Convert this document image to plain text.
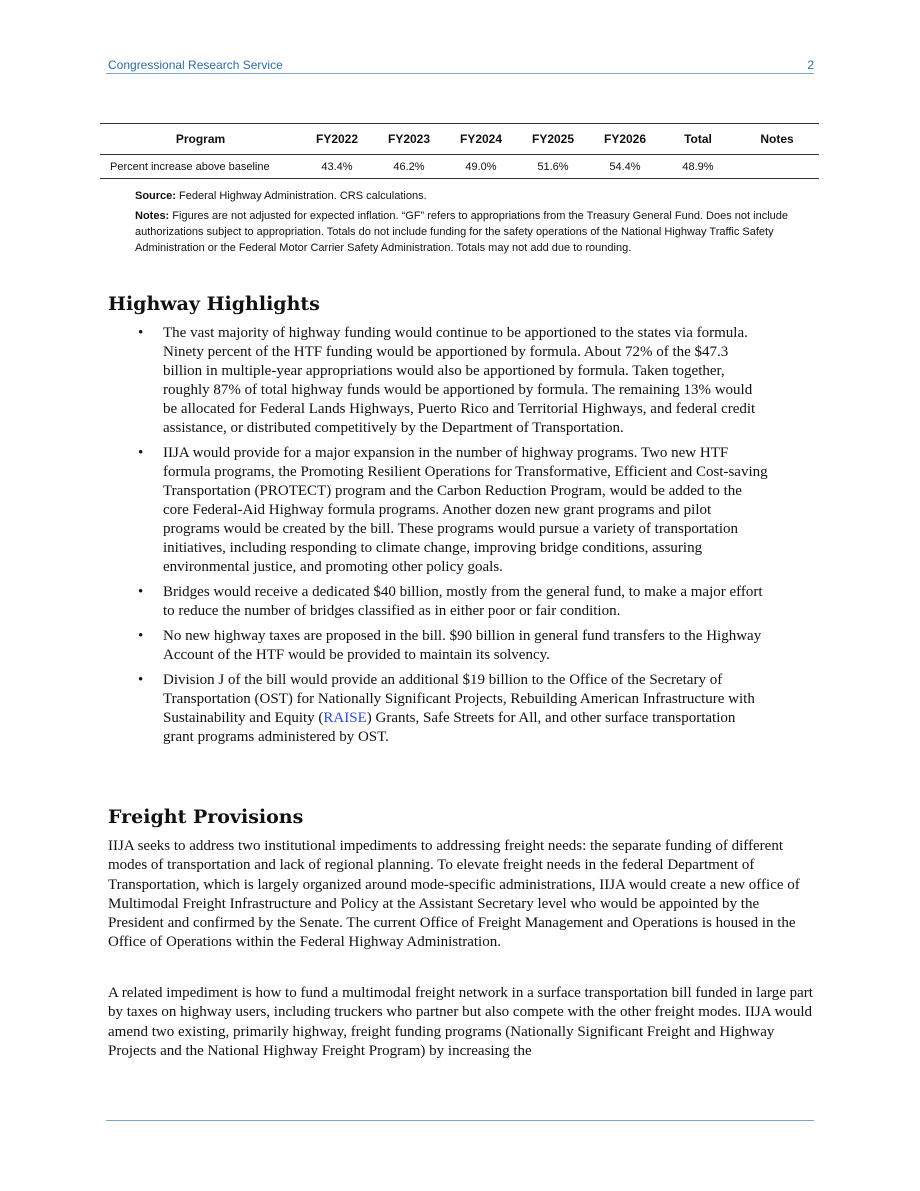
Congressional Research Service	2
Program	FY2022	FY2023	FY2024	FY2025	FY2026	Total	Notes
Percent increase above baseline	43.4%	46.2%	49.0%	51.6%	54.4%	48.9%	
Source: Federal Highway Administration. CRS calculations.
Notes: Figures are not adjusted for expected inflation. “GF” refers to appropriations from the Treasury General Fund. Does not include authorizations subject to appropriation. Totals do not include funding for the safety operations of the National Highway Traffic Safety Administration or the Federal Motor Carrier Safety Administration. Totals may not add due to rounding.
Highway Highlights
• The vast majority of highway funding would continue to be apportioned to the states via formula. Ninety percent of the HTF funding would be apportioned by formula. About 72% of the $47.3 billion in multiple-year appropriations would also be apportioned by formula. Taken together, roughly 87% of total highway funds would be apportioned by formula. The remaining 13% would be allocated for Federal Lands Highways, Puerto Rico and Territorial Highways, and federal credit assistance, or distributed competitively by the Department of Transportation.
• IIJA would provide for a major expansion in the number of highway programs. Two new HTF formula programs, the Promoting Resilient Operations for Transformative, Efficient and Cost-saving Transportation (PROTECT) program and the Carbon Reduction Program, would be added to the core Federal-Aid Highway formula programs. Another dozen new grant programs and pilot programs would be created by the bill. These programs would pursue a variety of transportation initiatives, including responding to climate change, improving bridge conditions, assuring environmental justice, and promoting other policy goals.
• Bridges would receive a dedicated $40 billion, mostly from the general fund, to make a major effort to reduce the number of bridges classified as in either poor or fair condition.
• No new highway taxes are proposed in the bill. $90 billion in general fund transfers to the Highway Account of the HTF would be provided to maintain its solvency.
• Division J of the bill would provide an additional $19 billion to the Office of the Secretary of Transportation (OST) for Nationally Significant Projects, Rebuilding American Infrastructure with Sustainability and Equity (RAISE) Grants, Safe Streets for All, and other surface transportation grant programs administered by OST.
Freight Provisions

IIJA seeks to address two institutional impediments to addressing freight needs: the separate funding of different modes of transportation and lack of regional planning. To elevate freight needs in the federal Department of Transportation, which is largely organized around mode-specific administrations, IIJA would create a new office of Multimodal Freight Infrastructure and Policy at the Assistant Secretary level who would be appointed by the President and confirmed by the Senate. The current Office of Freight Management and Operations is housed in the Office of Operations within the Federal Highway Administration.

A related impediment is how to fund a multimodal freight network in a surface transportation bill funded in large part by taxes on highway users, including truckers who partner but also compete with the other freight modes. IIJA would amend two existing, primarily highway, freight funding programs (Nationally Significant Freight and Highway Projects and the National Highway Freight Program) by increasing the
